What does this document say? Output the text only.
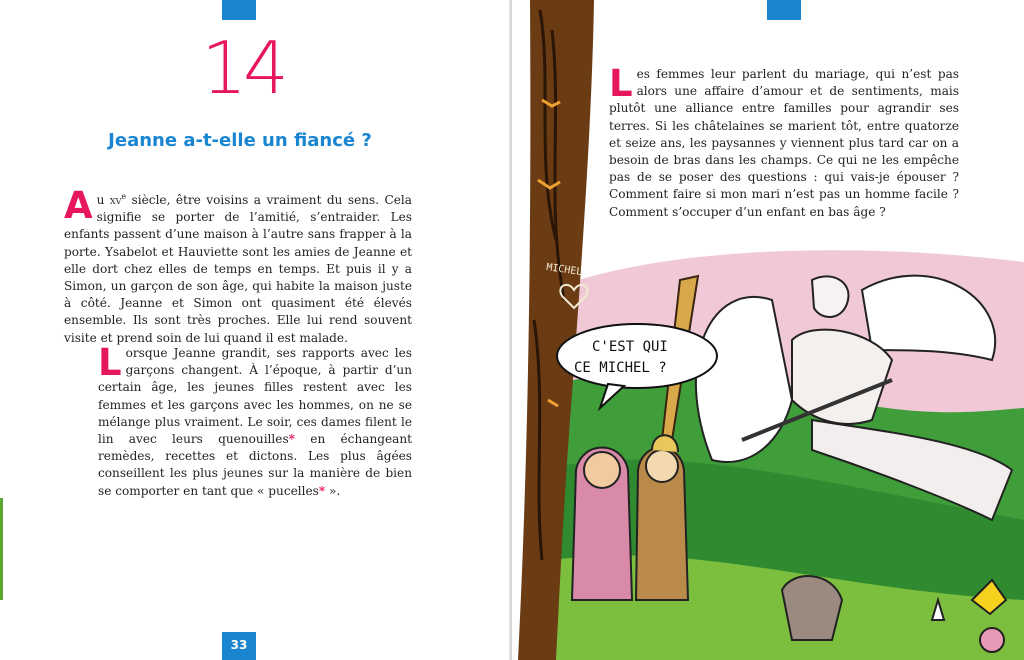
14
Jeanne a-t-elle un fiancé ?

Au $xv^e$ siècle, être voisins a vraiment du sens. Cela signifie se porter de l’amitié, s’entraider. Les enfants passent d’une maison à l’autre sans frapper à la porte. Ysabelot et Hauviette sont les amies de Jeanne et elle dort chez elles de temps en temps. Et puis il y a Simon, un garçon de son âge, qui habite la maison juste à côté. Jeanne et Simon ont quasiment été élevés ensemble. Ils sont très proches. Elle lui rend souvent visite et prend soin de lui quand il est malade.

Lorsque Jeanne grandit, ses rapports avec les garçons changent. À l’époque, à partir d’un certain âge, les jeunes filles restent avec les femmes et les garçons avec les hommes, on ne se mélange plus vraiment. Le soir, ces dames filent le lin avec leurs quenouilles* en échangeant remèdes, recettes et dictons. Les plus âgées conseillent les plus jeunes sur la manière de bien se comporter en tant que « pucelles* ».

33
MICHEL
C'EST QUI
CE MICHEL ?

Les femmes leur parlent du mariage, qui n’est pas alors une affaire d’amour et de sentiments, mais plutôt une alliance entre familles pour agrandir ses terres. Si les châtelaines se marient tôt, entre quatorze et seize ans, les paysannes y viennent plus tard car on a besoin de bras dans les champs. Ce qui ne les empêche pas de se poser des questions : qui vais-je épouser ? Comment faire si mon mari n’est pas un homme facile ? Comment s’occuper d’un enfant en bas âge ?
